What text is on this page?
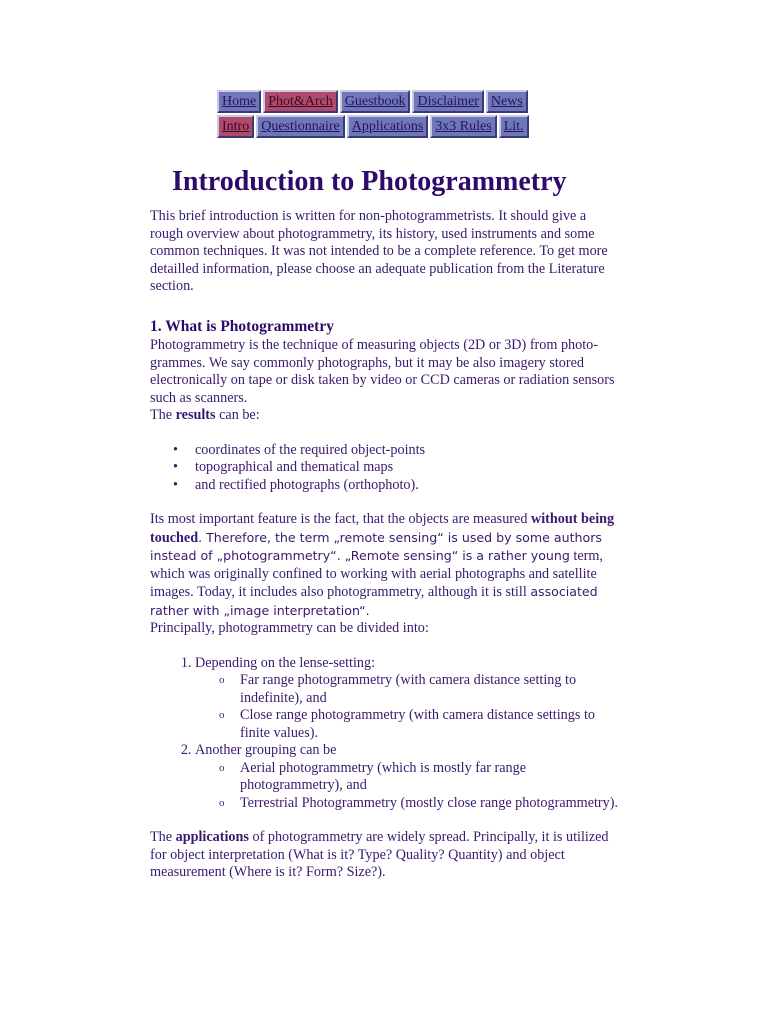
Home Phot&Arch Guestbook Disclaimer News
Intro Questionnaire Applications 3x3 Rules Lit.
Introduction to Photogrammetry

This brief introduction is written for non-photogrammetrists. It should give a rough overview about photogrammetry, its history, used instruments and some common techniques. It was not intended to be a complete reference. To get more detailled information, please choose an adequate publication from the Literature section.

1. What is Photogrammetry

Photogrammetry is the technique of measuring objects (2D or 3D) from photo-grammes. We say commonly photographs, but it may be also imagery stored electronically on tape or disk taken by video or CCD cameras or radiation sensors such as scanners.
The results can be:

• coordinates of the required object-points
• topographical and thematical maps
• and rectified photographs (orthophoto).

Its most important feature is the fact, that the objects are measured without being touched. Therefore, the term „remote sensing“ is used by some authors instead of „photogrammetry“. „Remote sensing“ is a rather young term, which was originally confined to working with aerial photographs and satellite images. Today, it includes also photogrammetry, although it is still associated rather with „image interpretation“.
Principally, photogrammetry can be divided into:

1. Depending on the lense-setting:
o Far range photogrammetry (with camera distance setting to indefinite), and
o Close range photogrammetry (with camera distance settings to finite values).
2. Another grouping can be
o Aerial photogrammetry (which is mostly far range photogrammetry), and
o Terrestrial Photogrammetry (mostly close range photogrammetry).

The applications of photogrammetry are widely spread. Principally, it is utilized for object interpretation (What is it? Type? Quality? Quantity) and object measurement (Where is it? Form? Size?).
